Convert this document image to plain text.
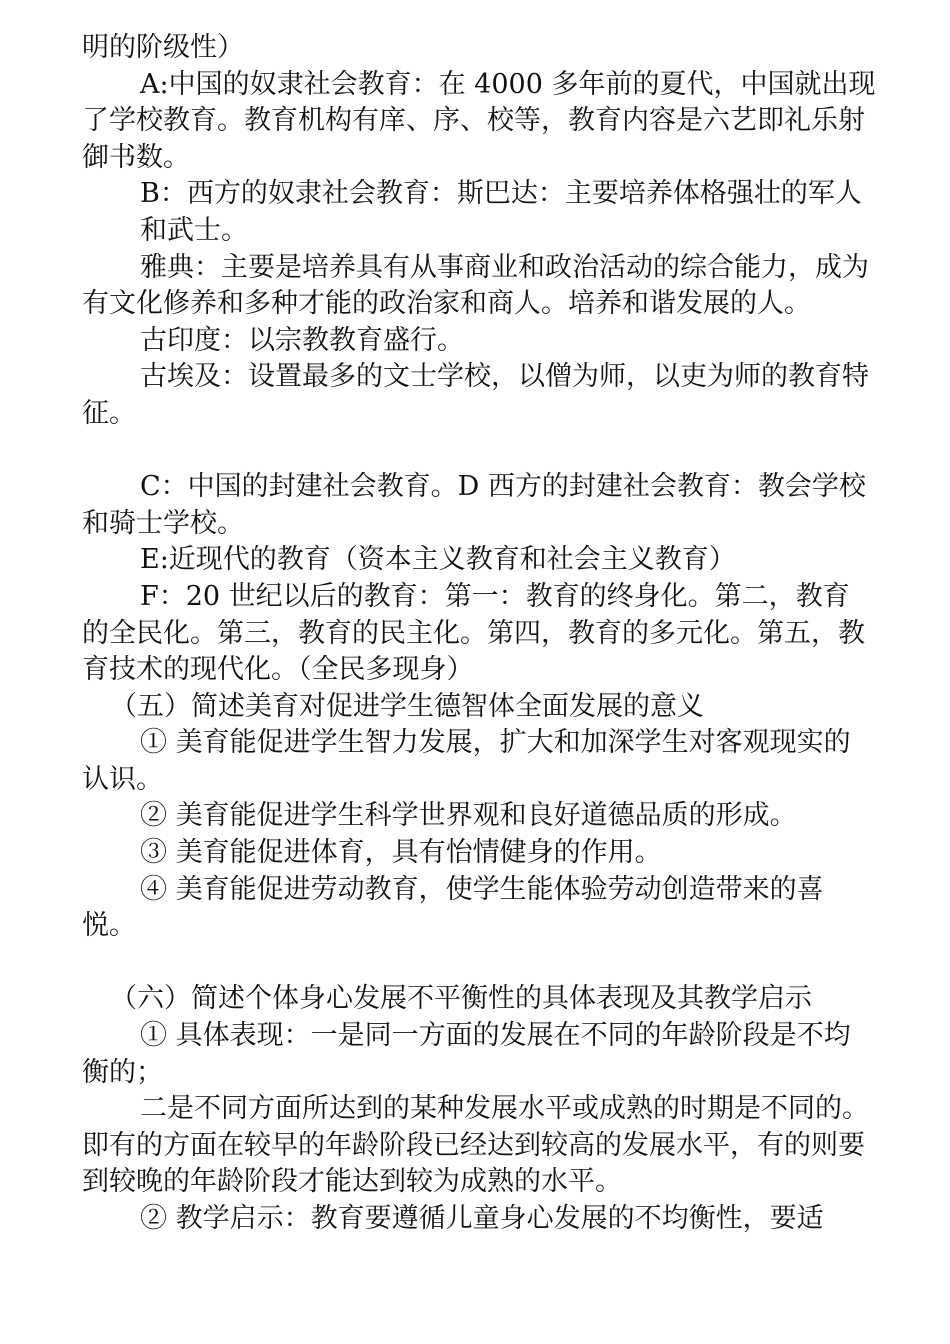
明的阶级性）

A:中国的奴隶社会教育：在 4000 多年前的夏代，中国就出现了学校教育。教育机构有庠、序、校等，教育内容是六艺即礼乐射御书数。

B：西方的奴隶社会教育：斯巴达：主要培养体格强壮的军人和武士。

雅典：主要是培养具有从事商业和政治活动的综合能力，成为有文化修养和多种才能的政治家和商人。培养和谐发展的人。

古印度：以宗教教育盛行。

古埃及：设置最多的文士学校，以僧为师，以吏为师的教育特征。

C：中国的封建社会教育。D 西方的封建社会教育：教会学校和骑士学校。

E:近现代的教育（资本主义教育和社会主义教育）

F：20 世纪以后的教育：第一：教育的终身化。第二，教育的全民化。第三，教育的民主化。第四，教育的多元化。第五，教育技术的现代化。（全民多现身）

（五）简述美育对促进学生德智体全面发展的意义

① 美育能促进学生智力发展，扩大和加深学生对客观现实的认识。

② 美育能促进学生科学世界观和良好道德品质的形成。

③ 美育能促进体育，具有怡情健身的作用。

④ 美育能促进劳动教育，使学生能体验劳动创造带来的喜悦。

（六）简述个体身心发展不平衡性的具体表现及其教学启示

① 具体表现：一是同一方面的发展在不同的年龄阶段是不均衡的；

二是不同方面所达到的某种发展水平或成熟的时期是不同的。即有的方面在较早的年龄阶段已经达到较高的发展水平，有的则要到较晚的年龄阶段才能达到较为成熟的水平。

② 教学启示：教育要遵循儿童身心发展的不均衡性，要适
